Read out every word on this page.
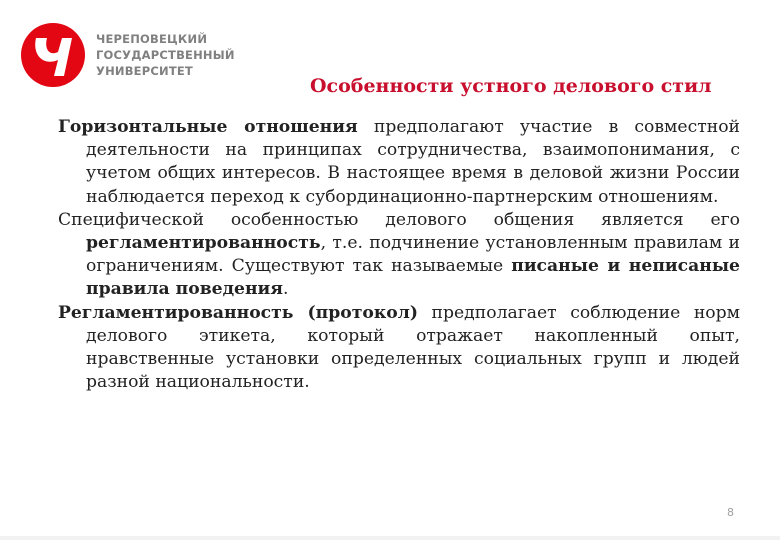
ЧЕРЕПОВЕЦКИЙ
ГОСУДАРСТВЕННЫЙ
УНИВЕРСИТЕТ
Особенности устного делового стил

Горизонтальные отношения предполагают участие в совместной деятельности на принципах сотрудничества, взаимопонимания, с учетом общих интересов. В настоящее время в деловой жизни России наблюдается переход к субординационно-партнерским отношениям.

Специфической особенностью делового общения является его регламентированность, т.е. подчинение установленным правилам и ограничениям. Существуют так называемые писаные и неписаные правила поведения.

Регламентированность (протокол) предполагает соблюдение норм делового этикета, который отражает накопленный опыт, нравственные установки определенных социальных групп и людей разной национальности.

8
